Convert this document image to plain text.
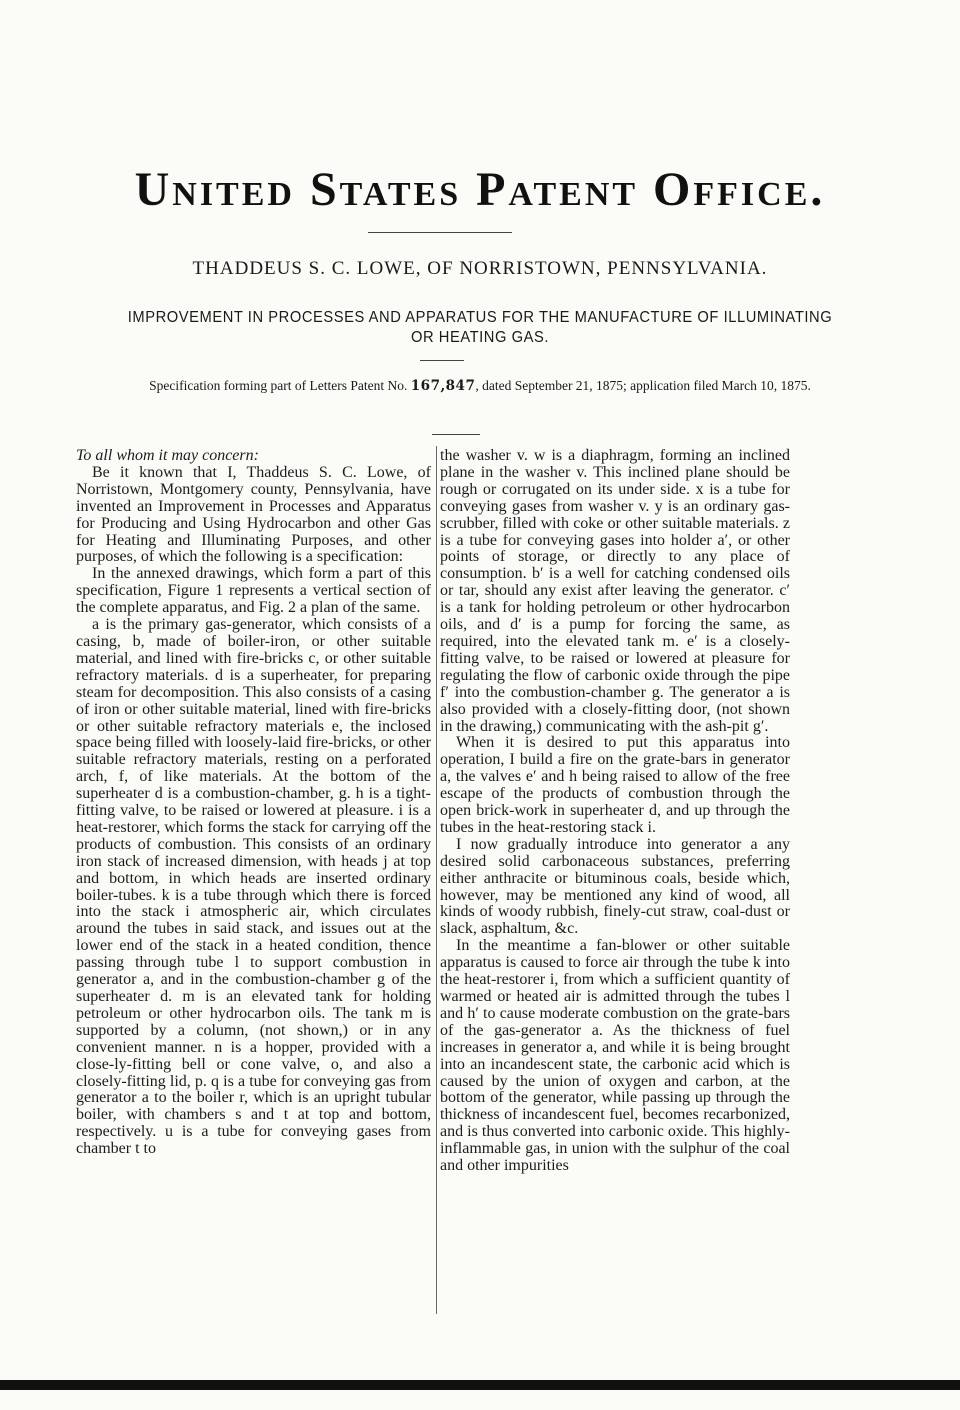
United States Patent Office.
THADDEUS S. C. LOWE, OF NORRISTOWN, PENNSYLVANIA.
IMPROVEMENT IN PROCESSES AND APPARATUS FOR THE MANUFACTURE OF ILLUMINATING OR HEATING GAS.
Specification forming part of Letters Patent No. 167,847, dated September 21, 1875; application filed March 10, 1875.

To all whom it may concern:

Be it known that I, Thaddeus S. C. Lowe, of Norristown, Montgomery county, Pennsylvania, have invented an Improvement in Processes and Apparatus for Producing and Using Hydrocarbon and other Gas for Heating and Illuminating Purposes, and other purposes, of which the following is a specification:

In the annexed drawings, which form a part of this specification, Figure 1 represents a vertical section of the complete apparatus, and Fig. 2 a plan of the same.

a is the primary gas-generator, which consists of a casing, b, made of boiler-iron, or other suitable material, and lined with fire-bricks c, or other suitable refractory materials. d is a superheater, for preparing steam for decomposition. This also consists of a casing of iron or other suitable material, lined with fire-bricks or other suitable refractory materials e, the inclosed space being filled with loosely-laid fire-bricks, or other suitable refractory materials, resting on a perforated arch, f, of like materials. At the bottom of the superheater d is a combustion-chamber, g. h is a tight-fitting valve, to be raised or lowered at pleasure. i is a heat-restorer, which forms the stack for carrying off the products of combustion. This consists of an ordinary iron stack of increased dimension, with heads j at top and bottom, in which heads are inserted ordinary boiler-tubes. k is a tube through which there is forced into the stack i atmospheric air, which circulates around the tubes in said stack, and issues out at the lower end of the stack in a heated condition, thence passing through tube l to support combustion in generator a, and in the combustion-chamber g of the superheater d. m is an elevated tank for holding petroleum or other hydrocarbon oils. The tank m is supported by a column, (not shown,) or in any convenient manner. n is a hopper, provided with a close-ly-fitting bell or cone valve, o, and also a closely-fitting lid, p. q is a tube for conveying gas from generator a to the boiler r, which is an upright tubular boiler, with chambers s and t at top and bottom, respectively. u is a tube for conveying gases from chamber t to

the washer v. w is a diaphragm, forming an inclined plane in the washer v. This inclined plane should be rough or corrugated on its under side. x is a tube for conveying gases from washer v. y is an ordinary gas-scrubber, filled with coke or other suitable materials. z is a tube for conveying gases into holder a′, or other points of storage, or directly to any place of consumption. b′ is a well for catching condensed oils or tar, should any exist after leaving the generator. c′ is a tank for holding petroleum or other hydrocarbon oils, and d′ is a pump for forcing the same, as required, into the elevated tank m. e′ is a closely-fitting valve, to be raised or lowered at pleasure for regulating the flow of carbonic oxide through the pipe f′ into the combustion-chamber g. The generator a is also provided with a closely-fitting door, (not shown in the drawing,) communicating with the ash-pit g′.

When it is desired to put this apparatus into operation, I build a fire on the grate-bars in generator a, the valves e′ and h being raised to allow of the free escape of the products of combustion through the open brick-work in superheater d, and up through the tubes in the heat-restoring stack i.

I now gradually introduce into generator a any desired solid carbonaceous substances, preferring either anthracite or bituminous coals, beside which, however, may be mentioned any kind of wood, all kinds of woody rubbish, finely-cut straw, coal-dust or slack, asphaltum, &c.

In the meantime a fan-blower or other suitable apparatus is caused to force air through the tube k into the heat-restorer i, from which a sufficient quantity of warmed or heated air is admitted through the tubes l and h′ to cause moderate combustion on the grate-bars of the gas-generator a. As the thickness of fuel increases in generator a, and while it is being brought into an incandescent state, the carbonic acid which is caused by the union of oxygen and carbon, at the bottom of the generator, while passing up through the thickness of incandescent fuel, becomes recarbonized, and is thus converted into carbonic oxide. This highly-inflammable gas, in union with the sulphur of the coal and other impurities
